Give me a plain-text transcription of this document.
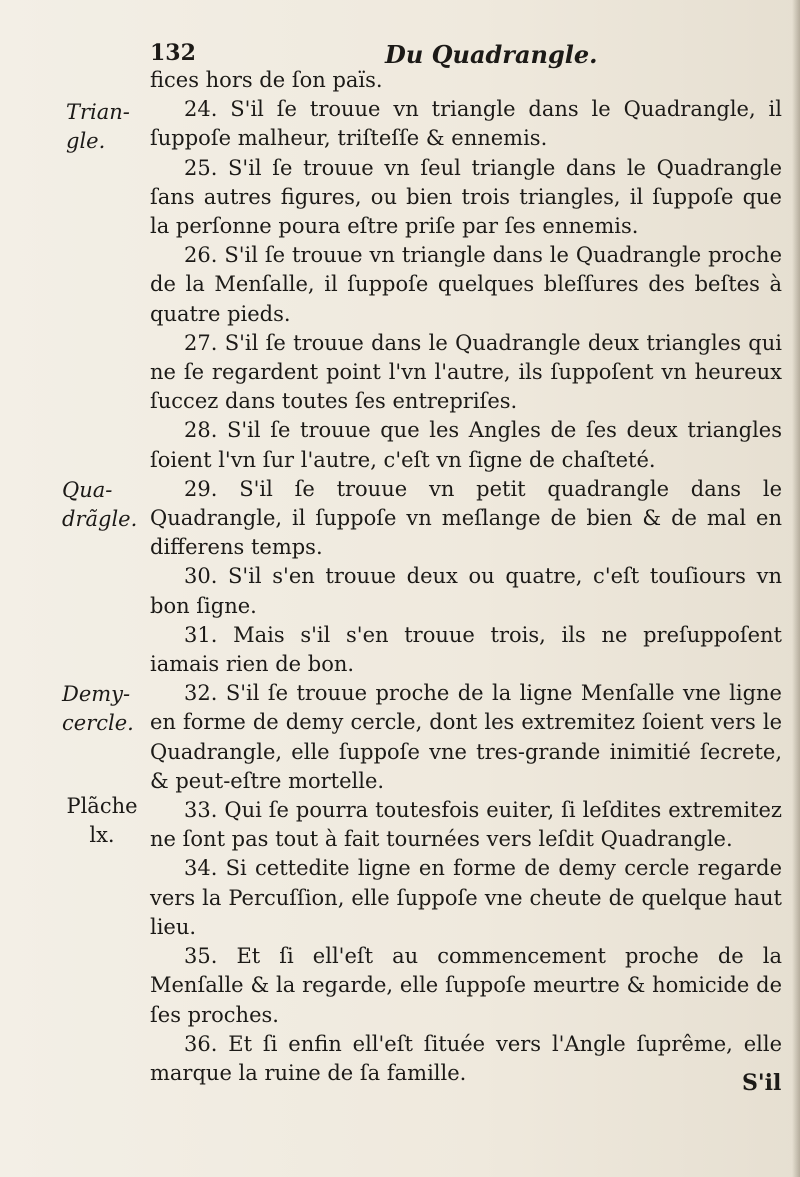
132	Du Quadrangle.
Trian-
gle.
Qua-
drãgle.
Demy-
cercle.
Plãche
lx.

fices hors de ſon païs.

24. S'il ſe trouue vn triangle dans le Quadrangle, il ſuppoſe malheur, triſteſſe & ennemis.

25. S'il ſe trouue vn ſeul triangle dans le Quadrangle ſans autres figures, ou bien trois triangles, il ſuppoſe que la perſonne poura eſtre priſe par ſes ennemis.

26. S'il ſe trouue vn triangle dans le Quadrangle proche de la Menſalle, il ſuppoſe quelques bleſſures des beſtes à quatre pieds.

27. S'il ſe trouue dans le Quadrangle deux triangles qui ne ſe regardent point l'vn l'autre, ils ſuppoſent vn heureux ſuccez dans toutes ſes entrepriſes.

28. S'il ſe trouue que les Angles de ſes deux triangles ſoient l'vn ſur l'autre, c'eſt vn ſigne de chaſteté.

29. S'il ſe trouue vn petit quadrangle dans le Quadrangle, il ſuppoſe vn meſlange de bien & de mal en differens temps.

30. S'il s'en trouue deux ou quatre, c'eſt touſiours vn bon ſigne.

31. Mais s'il s'en trouue trois, ils ne preſuppoſent iamais rien de bon.

32. S'il ſe trouue proche de la ligne Menſalle vne ligne en forme de demy cercle, dont les extremitez ſoient vers le Quadrangle, elle ſuppoſe vne tres-grande inimitié ſecrete, & peut-eſtre mortelle.

33. Qui ſe pourra toutesfois euiter, ſi leſdites extremitez ne ſont pas tout à fait tournées vers leſdit Quadrangle.

34. Si cettedite ligne en forme de demy cercle regarde vers la Percuſſion, elle ſuppoſe vne cheute de quelque haut lieu.

35. Et ſi ell'eſt au commencement proche de la Menſalle & la regarde, elle ſuppoſe meurtre & homicide de ſes proches.

36. Et ſi enfin ell'eſt ſituée vers l'Angle ſuprême, elle marque la ruine de ſa famille.	S'il
